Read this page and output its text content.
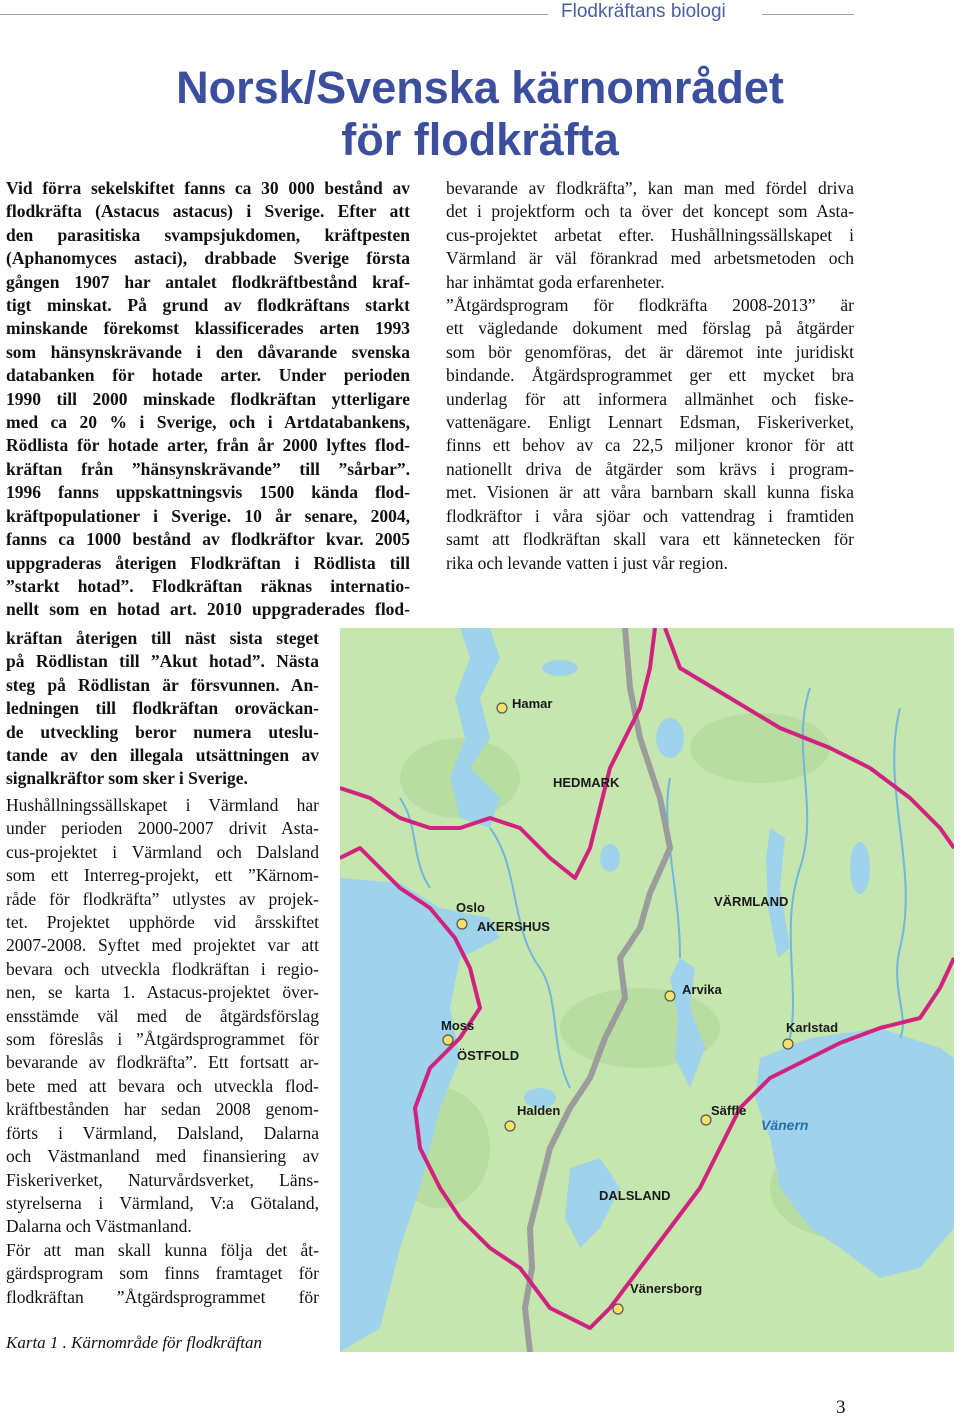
Flodkräftans biologi
Norsk/Svenska kärnområdet
för flodkräfta
Vid förra sekelskiftet fanns ca 30 000 bestånd av
flodkräfta (Astacus astacus) i Sverige. Efter att
den parasitiska svampsjukdomen, kräftpesten
(Aphanomyces astaci), drabbade Sverige första
gången 1907 har antalet flodkräftbestånd kraf-
tigt minskat. På grund av flodkräftans starkt
minskande förekomst klassificerades arten 1993
som hänsynskrävande i den dåvarande svenska
databanken för hotade arter. Under perioden
1990 till 2000 minskade flodkräftan ytterligare
med ca 20 % i Sverige, och i Artdatabankens,
Rödlista för hotade arter, från år 2000 lyftes flod-
kräftan från ”hänsynskrävande” till ”sårbar”.
1996 fanns uppskattningsvis 1500 kända flod-
kräftpopulationer i Sverige. 10 år senare, 2004,
fanns ca 1000 bestånd av flodkräftor kvar. 2005
uppgraderas återigen Flodkräftan i Rödlista till
”starkt hotad”. Flodkräftan räknas internatio-
nellt som en hotad art. 2010 uppgraderades flod-
kräftan återigen till näst sista steget
på Rödlistan till ”Akut hotad”. Nästa
steg på Rödlistan är försvunnen. An-
ledningen till flodkräftan oroväckan-
de utveckling beror numera uteslu-
tande av den illegala utsättningen av
signalkräftor som sker i Sverige.
Hushållningssällskapet i Värmland har
under perioden 2000-2007 drivit Asta-
cus-projektet i Värmland och Dalsland
som ett Interreg-projekt, ett ”Kärnom-
råde för flodkräfta” utlystes av projek-
tet. Projektet upphörde vid årsskiftet
2007-2008. Syftet med projektet var att
bevara och utveckla flodkräftan i regio-
nen, se karta 1. Astacus-projektet över-
ensstämde väl med de åtgärdsförslag
som föreslås i ”Åtgärdsprogrammet för
bevarande av flodkräfta”. Ett fortsatt ar-
bete med att bevara och utveckla flod-
kräftbestånden har sedan 2008 genom-
förts i Värmland, Dalsland, Dalarna
och Västmanland med finansiering av
Fiskeriverket, Naturvårdsverket, Läns-
styrelserna i Värmland, V:a Götaland,
Dalarna och Västmanland.
För att man skall kunna följa det åt-
gärdsprogram som finns framtaget för
flodkräftan ”Åtgärdsprogrammet för
bevarande av flodkräfta”, kan man med fördel driva
det i projektform och ta över det koncept som Asta-
cus-projektet arbetat efter. Hushållningssällskapet i
Värmland är väl förankrad med arbetsmetoden och
har inhämtat goda erfarenheter.
”Åtgärdsprogram för flodkräfta 2008-2013” är
ett vägledande dokument med förslag på åtgärder
som bör genomföras, det är däremot inte juridiskt
bindande. Åtgärdsprogrammet ger ett mycket bra
underlag för att informera allmänhet och fiske-
vattenägare. Enligt Lennart Edsman, Fiskeriverket,
finns ett behov av ca 22,5 miljoner kronor för att
nationellt driva de åtgärder som krävs i program-
met. Visionen är att våra barnbarn skall kunna fiska
flodkräftor i våra sjöar och vattendrag i framtiden
samt att flodkräftan skall vara ett kännetecken för
rika och levande vatten i just vår region.
Hamar
HEDMARK
Oslo
AKERSHUS
VÄRMLAND
Arvika
Moss
ÖSTFOLD
Karlstad
Halden	Säffle
Vänern
DALSLAND
Vänersborg
Karta 1 . Kärnområde för flodkräftan
3
